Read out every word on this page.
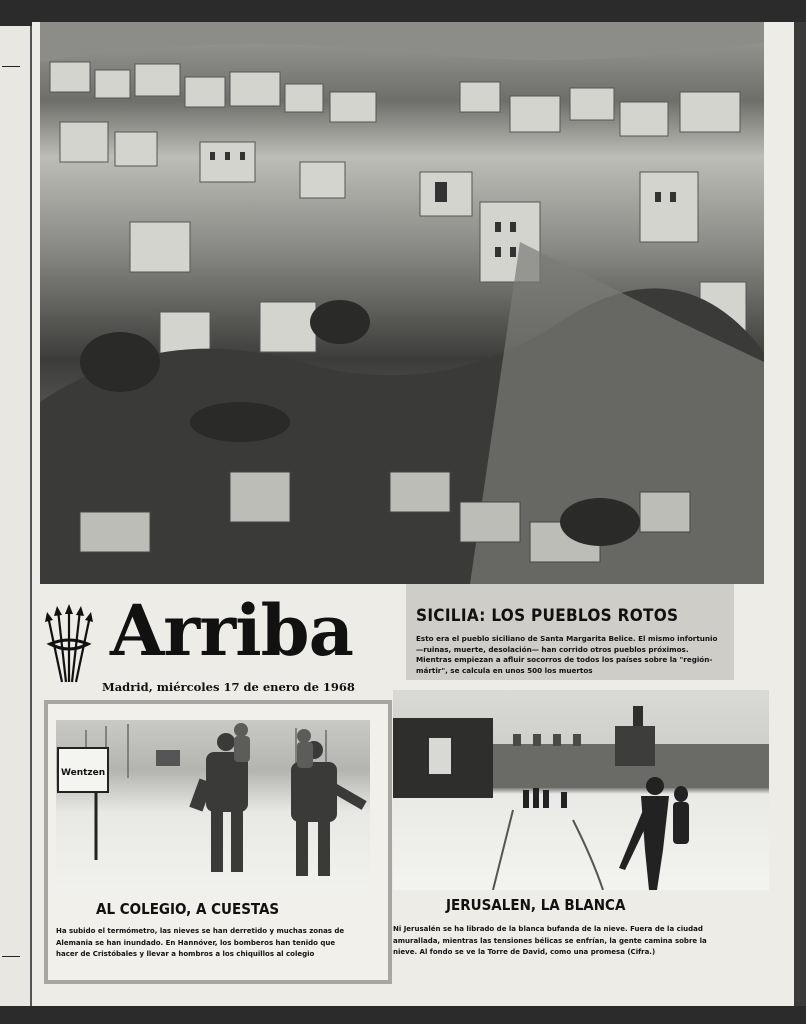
Arriba
Madrid, miércoles 17 de enero de 1968
SICILIA: LOS PUEBLOS ROTOS
Esto era el pueblo siciliano de Santa Margarita Belice. El mismo infortunio —ruinas, muerte, desolación— han corrido otros pueblos próximos. Mientras empiezan a afluir socorros de todos los países sobre la "región-mártir", se calcula en unos 500 los muertos
Wentzen
AL COLEGIO, A CUESTAS
Ha subido el termómetro, las nieves se han derretido y muchas zonas de Alemania se han inundado. En Hannóver, los bomberos han tenido que hacer de Cristóbales y llevar a hombros a los chiquillos al colegio
JERUSALEN, LA BLANCA
Ni Jerusalén se ha librado de la blanca bufanda de la nieve. Fuera de la ciudad amurallada, mientras las tensiones bélicas se enfrían, la gente camina sobre la nieve. Al fondo se ve la Torre de David, como una promesa (Cifra.)
